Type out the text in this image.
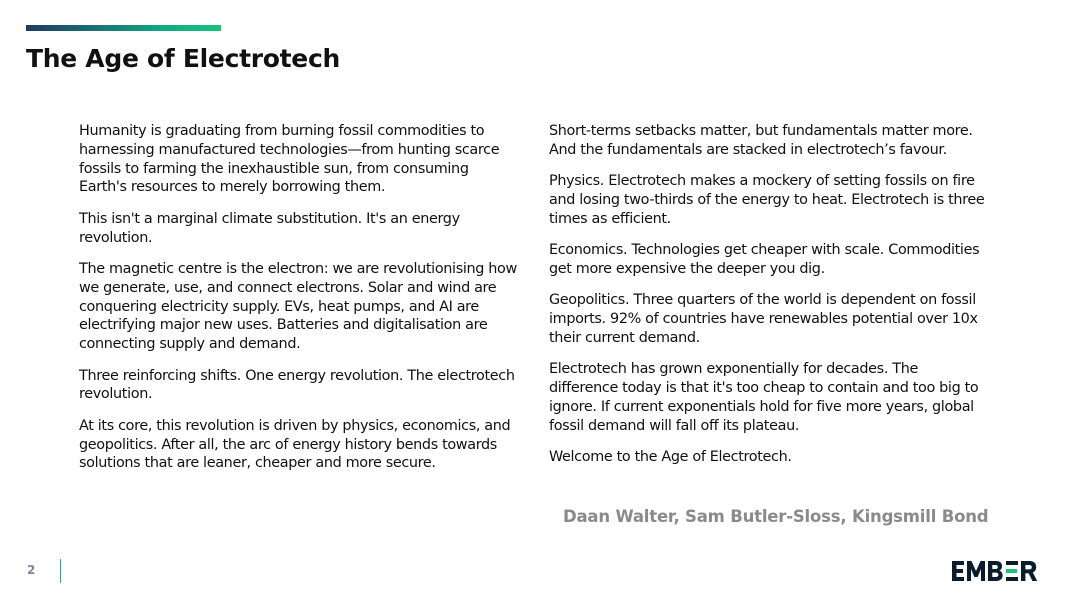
The Age of Electrotech

Humanity is graduating from burning fossil commodities to harnessing manufactured technologies—from hunting scarce fossils to farming the inexhaustible sun, from consuming Earth's resources to merely borrowing them.

This isn't a marginal climate substitution. It's an energy revolution.

The magnetic centre is the electron: we are revolutionising how we generate, use, and connect electrons. Solar and wind are conquering electricity supply. EVs, heat pumps, and AI are electrifying major new uses. Batteries and digitalisation are connecting supply and demand.

Three reinforcing shifts. One energy revolution. The electrotech revolution.

At its core, this revolution is driven by physics, economics, and geopolitics. After all, the arc of energy history bends towards solutions that are leaner, cheaper and more secure.

Short-terms setbacks matter, but fundamentals matter more. And the fundamentals are stacked in electrotech’s favour.

Physics. Electrotech makes a mockery of setting fossils on fire and losing two-thirds of the energy to heat. Electrotech is three times as efficient.

Economics. Technologies get cheaper with scale. Commodities get more expensive the deeper you dig.

Geopolitics. Three quarters of the world is dependent on fossil imports. 92% of countries have renewables potential over 10x their current demand.

Electrotech has grown exponentially for decades. The difference today is that it's too cheap to contain and too big to ignore. If current exponentials hold for five more years, global fossil demand will fall off its plateau.

Welcome to the Age of Electrotech.

Daan Walter, Sam Butler-Sloss, Kingsmill Bond
2
